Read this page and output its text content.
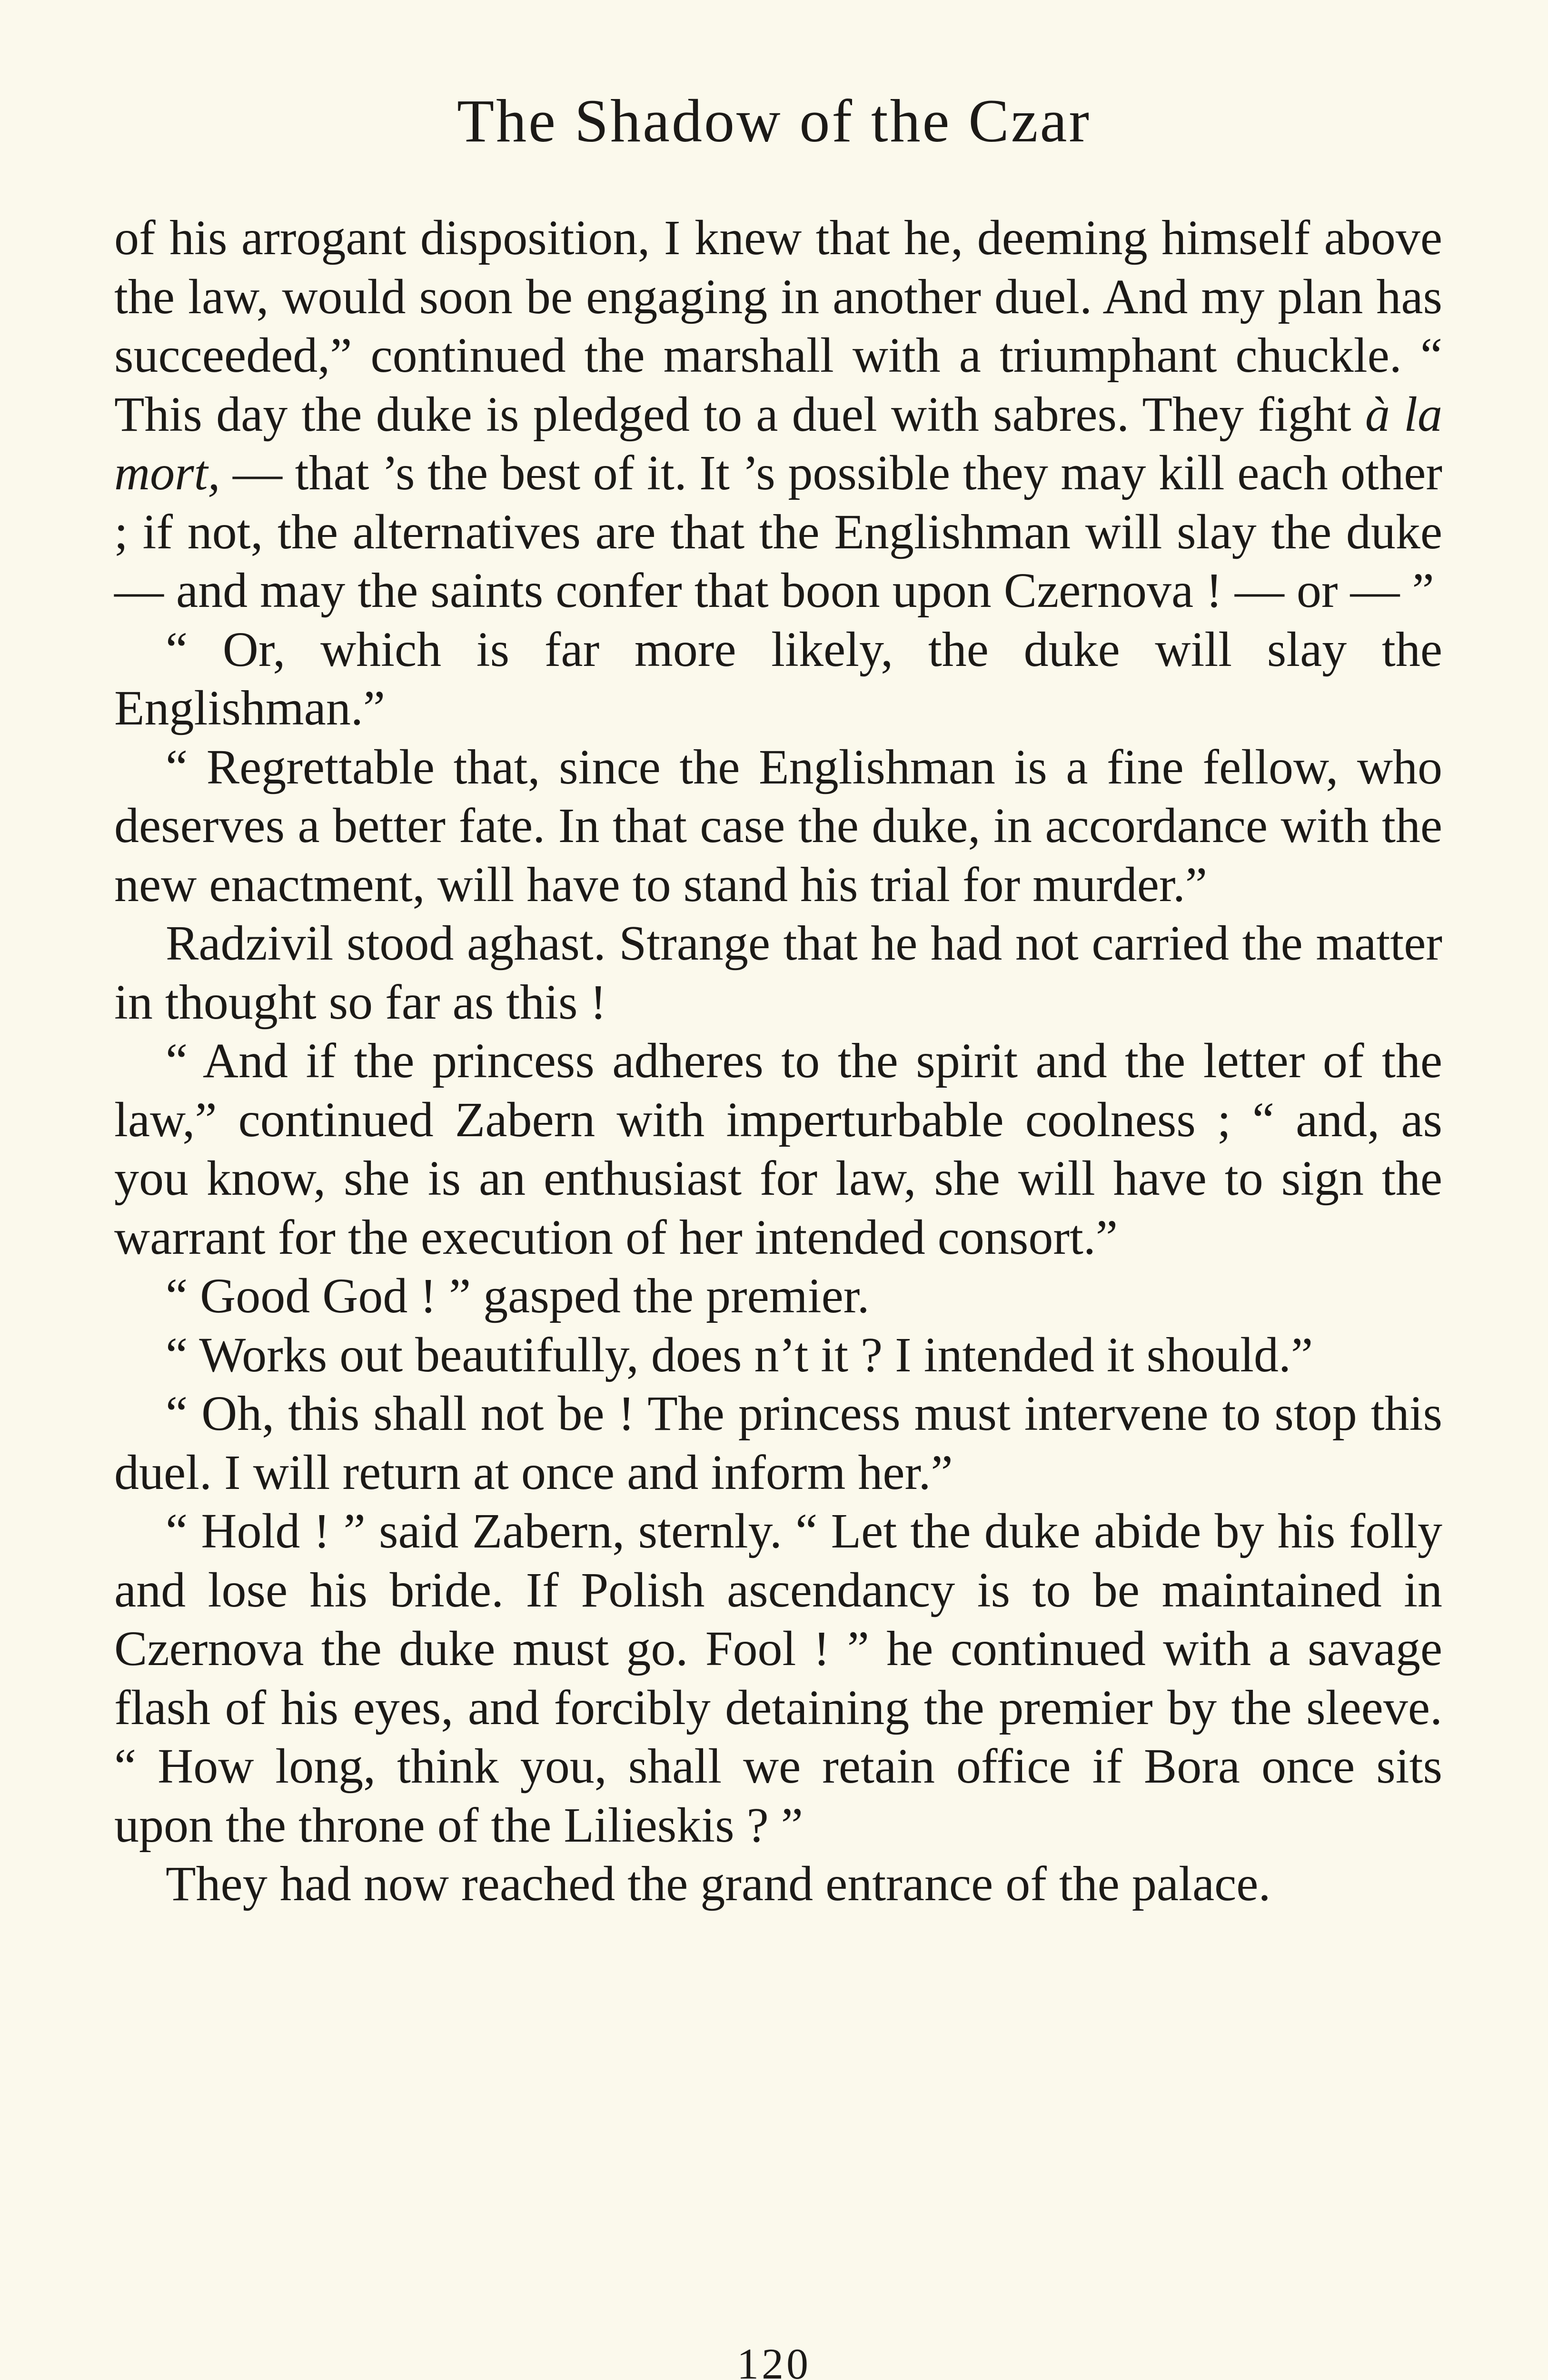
The Shadow of the Czar

of his arrogant disposition, I knew that he, deeming himself above the law, would soon be engaging in another duel. And my plan has succeeded,” continued the marshall with a triumphant chuckle. “ This day the duke is pledged to a duel with sabres. They fight à la mort, — that ’s the best of it. It ’s possible they may kill each other ; if not, the alternatives are that the Englishman will slay the duke — and may the saints confer that boon upon Czernova ! — or — ”

“ Or, which is far more likely, the duke will slay the Englishman.”

“ Regrettable that, since the Englishman is a fine fellow, who deserves a better fate. In that case the duke, in accordance with the new enactment, will have to stand his trial for murder.”

Radzivil stood aghast. Strange that he had not carried the matter in thought so far as this !

“ And if the princess adheres to the spirit and the letter of the law,” continued Zabern with imperturbable coolness ; “ and, as you know, she is an enthusiast for law, she will have to sign the warrant for the execution of her intended consort.”

“ Good God ! ” gasped the premier.

“ Works out beautifully, does n’t it ? I intended it should.”

“ Oh, this shall not be ! The princess must intervene to stop this duel. I will return at once and inform her.”

“ Hold ! ” said Zabern, sternly. “ Let the duke abide by his folly and lose his bride. If Polish ascendancy is to be maintained in Czernova the duke must go. Fool ! ” he continued with a savage flash of his eyes, and forcibly detaining the premier by the sleeve. “ How long, think you, shall we retain office if Bora once sits upon the throne of the Lilieskis ? ”

They had now reached the grand entrance of the palace.

120
